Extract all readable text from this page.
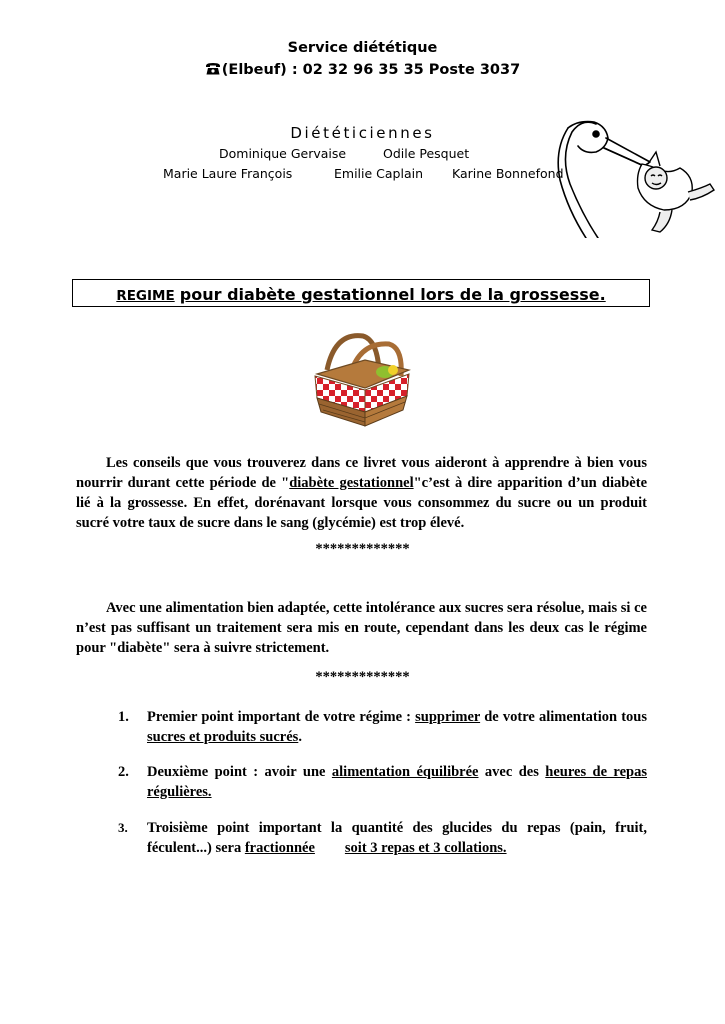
Service diététique
(Elbeuf) : 02 32 96 35 35 Poste 3037
Diététiciennes
Dominique Gervaise	Odile Pesquet
Marie Laure François	Emilie Caplain Karine Bonnefond
REGIME pour diabète gestationnel lors de la grossesse.
Les conseils que vous trouverez dans ce livret vous aideront à apprendre à bien vous nourrir durant cette période de "diabète gestationnel"c’est à dire apparition d’un diabète lié à la grossesse. En effet, dorénavant lorsque vous consommez du sucre ou un produit sucré votre taux de sucre dans le sang (glycémie) est trop élevé.
*************
Avec une alimentation bien adaptée, cette intolérance aux sucres sera résolue, mais si ce n’est pas suffisant un traitement sera mis en route, cependant dans les deux cas le régime pour "diabète" sera à suivre strictement.
*************
1.	Premier point important de votre régime : supprimer de votre alimentation tous sucres et produits sucrés.
2.	Deuxième point : avoir une alimentation équilibrée avec des heures de repas régulières.
3.	Troisième point important la quantité des glucides du repas (pain, fruit, féculent...) sera fractionnée soit 3 repas et 3 collations.
